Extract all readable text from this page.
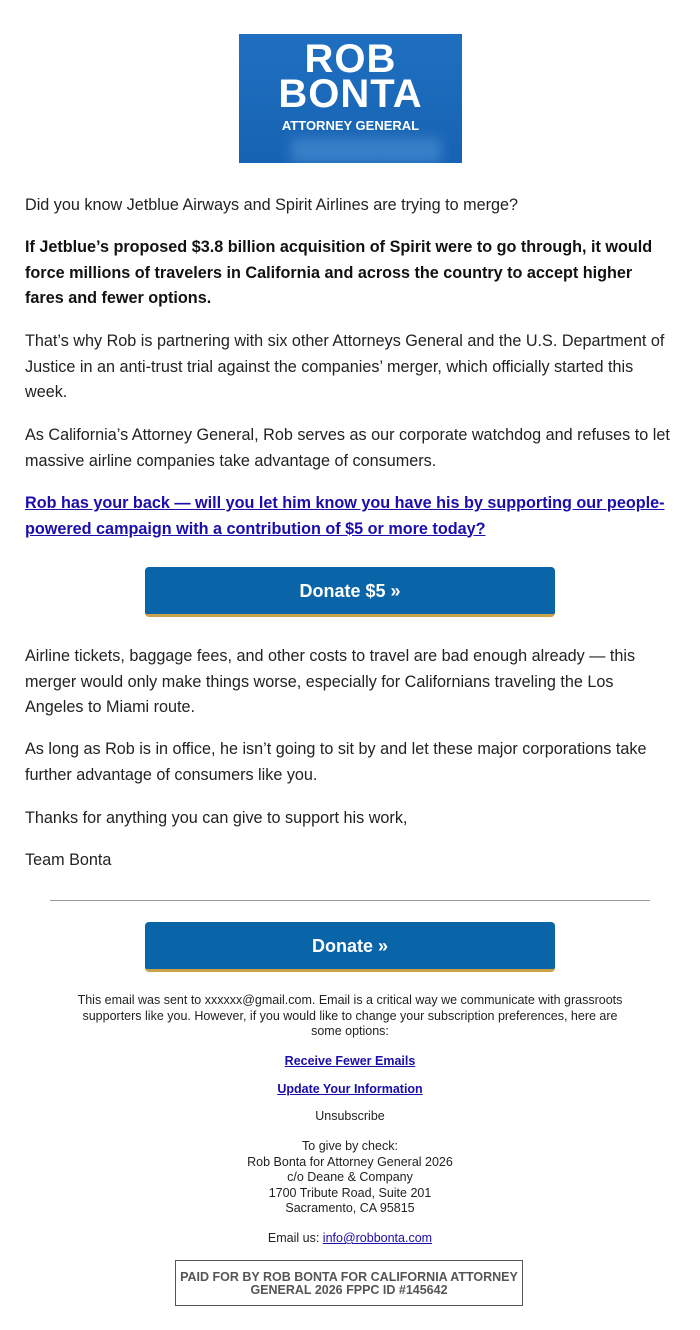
ROB
BONTA
ATTORNEY GENERAL

Did you know Jetblue Airways and Spirit Airlines are trying to merge?

If Jetblue’s proposed $3.8 billion acquisition of Spirit were to go through, it would force millions of travelers in California and across the country to accept higher fares and fewer options.

That’s why Rob is partnering with six other Attorneys General and the U.S. Department of Justice in an anti-trust trial against the companies’ merger, which officially started this week.

As California’s Attorney General, Rob serves as our corporate watchdog and refuses to let massive airline companies take advantage of consumers.

Rob has your back — will you let him know you have his by supporting our people-powered campaign with a contribution of $5 or more today?

Donate $5 »

Airline tickets, baggage fees, and other costs to travel are bad enough already — this merger would only make things worse, especially for Californians traveling the Los Angeles to Miami route.

As long as Rob is in office, he isn’t going to sit by and let these major corporations take further advantage of consumers like you.

Thanks for anything you can give to support his work,

Team Bonta

Donate »

This email was sent to xxxxxx@gmail.com. Email is a critical way we communicate with grassroots supporters like you. However, if you would like to change your subscription preferences, here are some options:

Receive Fewer Emails

Update Your Information

Unsubscribe

To give by check:

Rob Bonta for Attorney General 2026

c/o Deane & Company

1700 Tribute Road, Suite 201

Sacramento, CA 95815

Email us: info@robbonta.com

PAID FOR BY ROB BONTA FOR CALIFORNIA ATTORNEY GENERAL 2026 FPPC ID #145642
